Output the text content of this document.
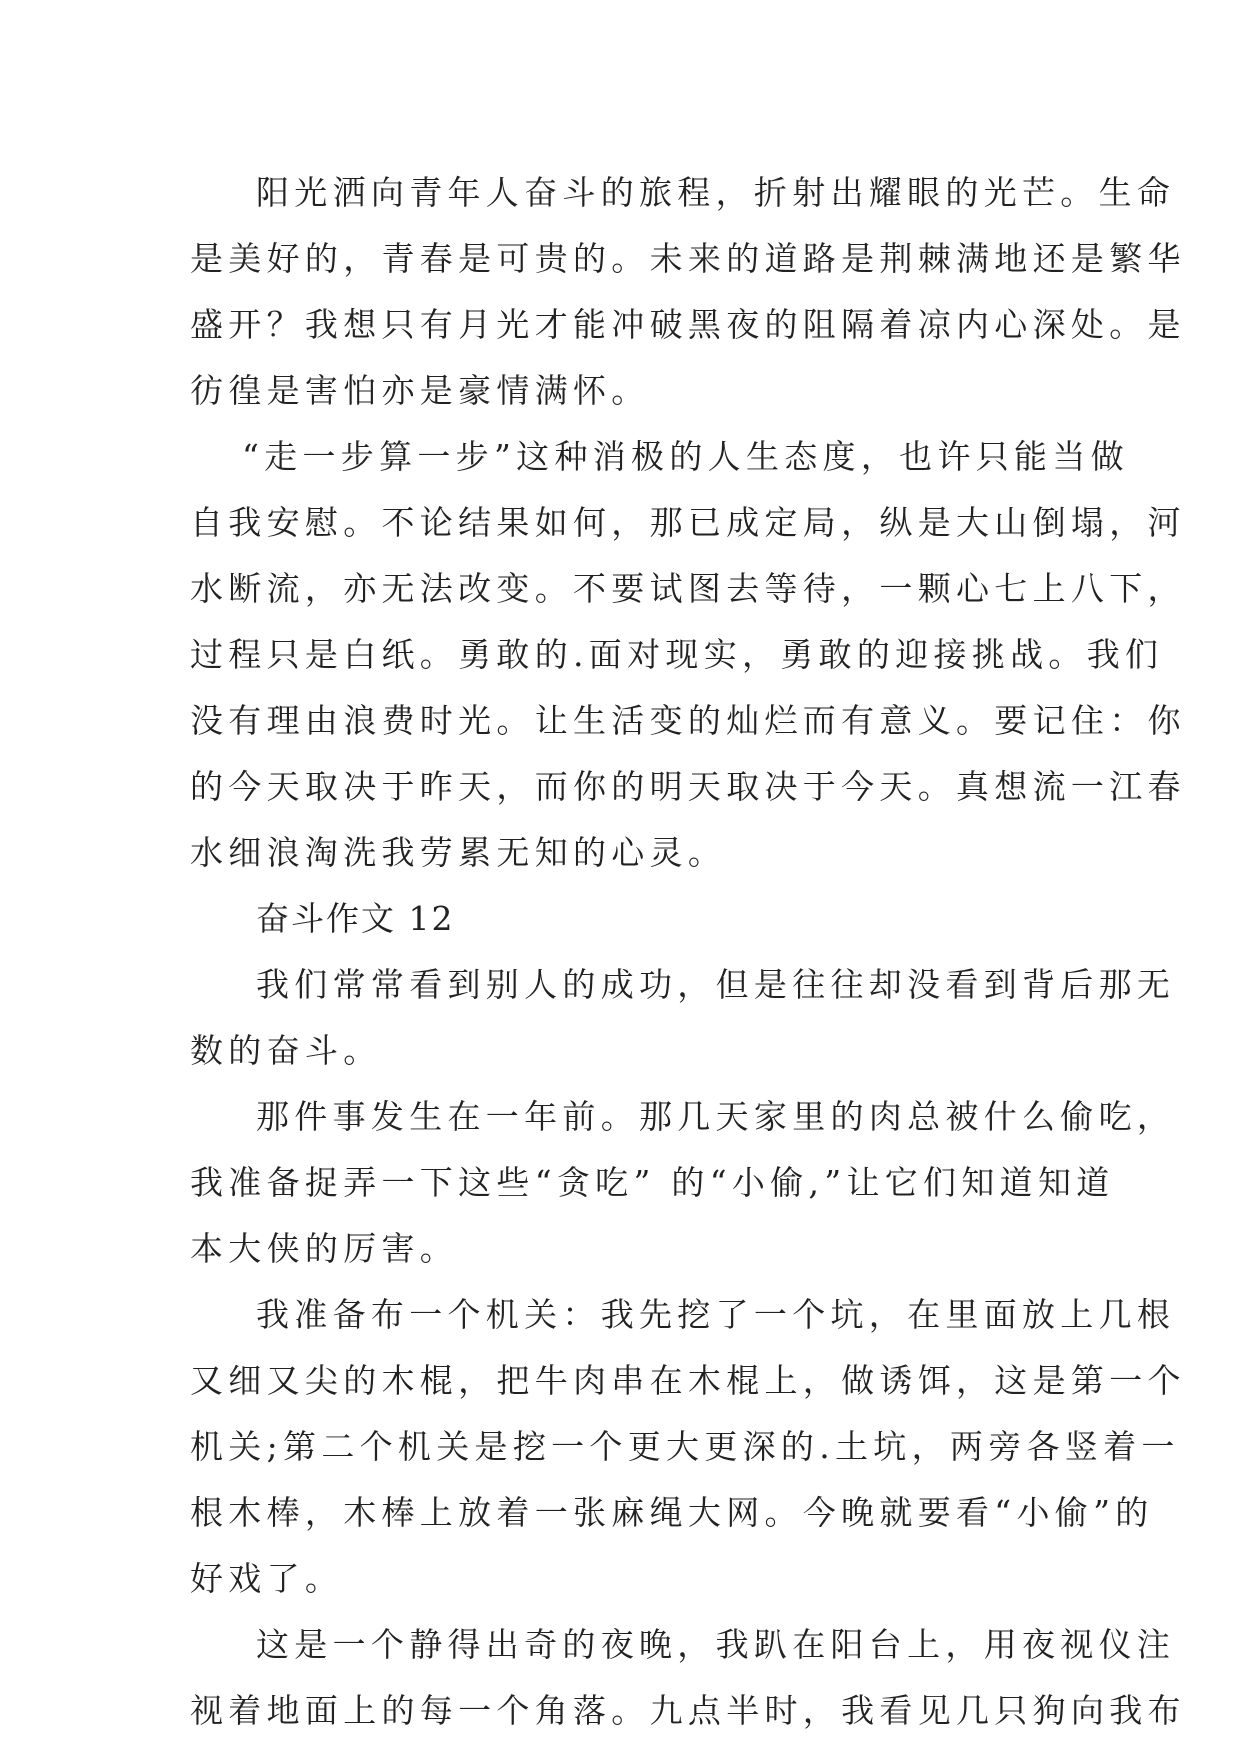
阳光洒向青年人奋斗的旅程，折射出耀眼的光芒。生命
是美好的，青春是可贵的。未来的道路是荆棘满地还是繁华
盛开？我想只有月光才能冲破黑夜的阻隔着凉内心深处。是
彷徨是害怕亦是豪情满怀。
“走一步算一步”这种消极的人生态度，也许只能当做
自我安慰。不论结果如何，那已成定局，纵是大山倒塌，河
水断流，亦无法改变。不要试图去等待，一颗心七上八下，
过程只是白纸。勇敢的.面对现实，勇敢的迎接挑战。我们
没有理由浪费时光。让生活变的灿烂而有意义。要记住：你
的今天取决于昨天，而你的明天取决于今天。真想流一江春
水细浪淘洗我劳累无知的心灵。
奋斗作文 12
我们常常看到别人的成功，但是往往却没看到背后那无
数的奋斗。
那件事发生在一年前。那几天家里的肉总被什么偷吃，
我准备捉弄一下这些“贪吃” 的“小偷,”让它们知道知道
本大侠的厉害。
我准备布一个机关：我先挖了一个坑，在里面放上几根
又细又尖的木棍，把牛肉串在木棍上，做诱饵，这是第一个
机关;第二个机关是挖一个更大更深的.土坑，两旁各竖着一
根木棒，木棒上放着一张麻绳大网。今晚就要看“小偷”的
好戏了。
这是一个静得出奇的夜晚，我趴在阳台上，用夜视仪注
视着地面上的每一个角落。九点半时，我看见几只狗向我布
